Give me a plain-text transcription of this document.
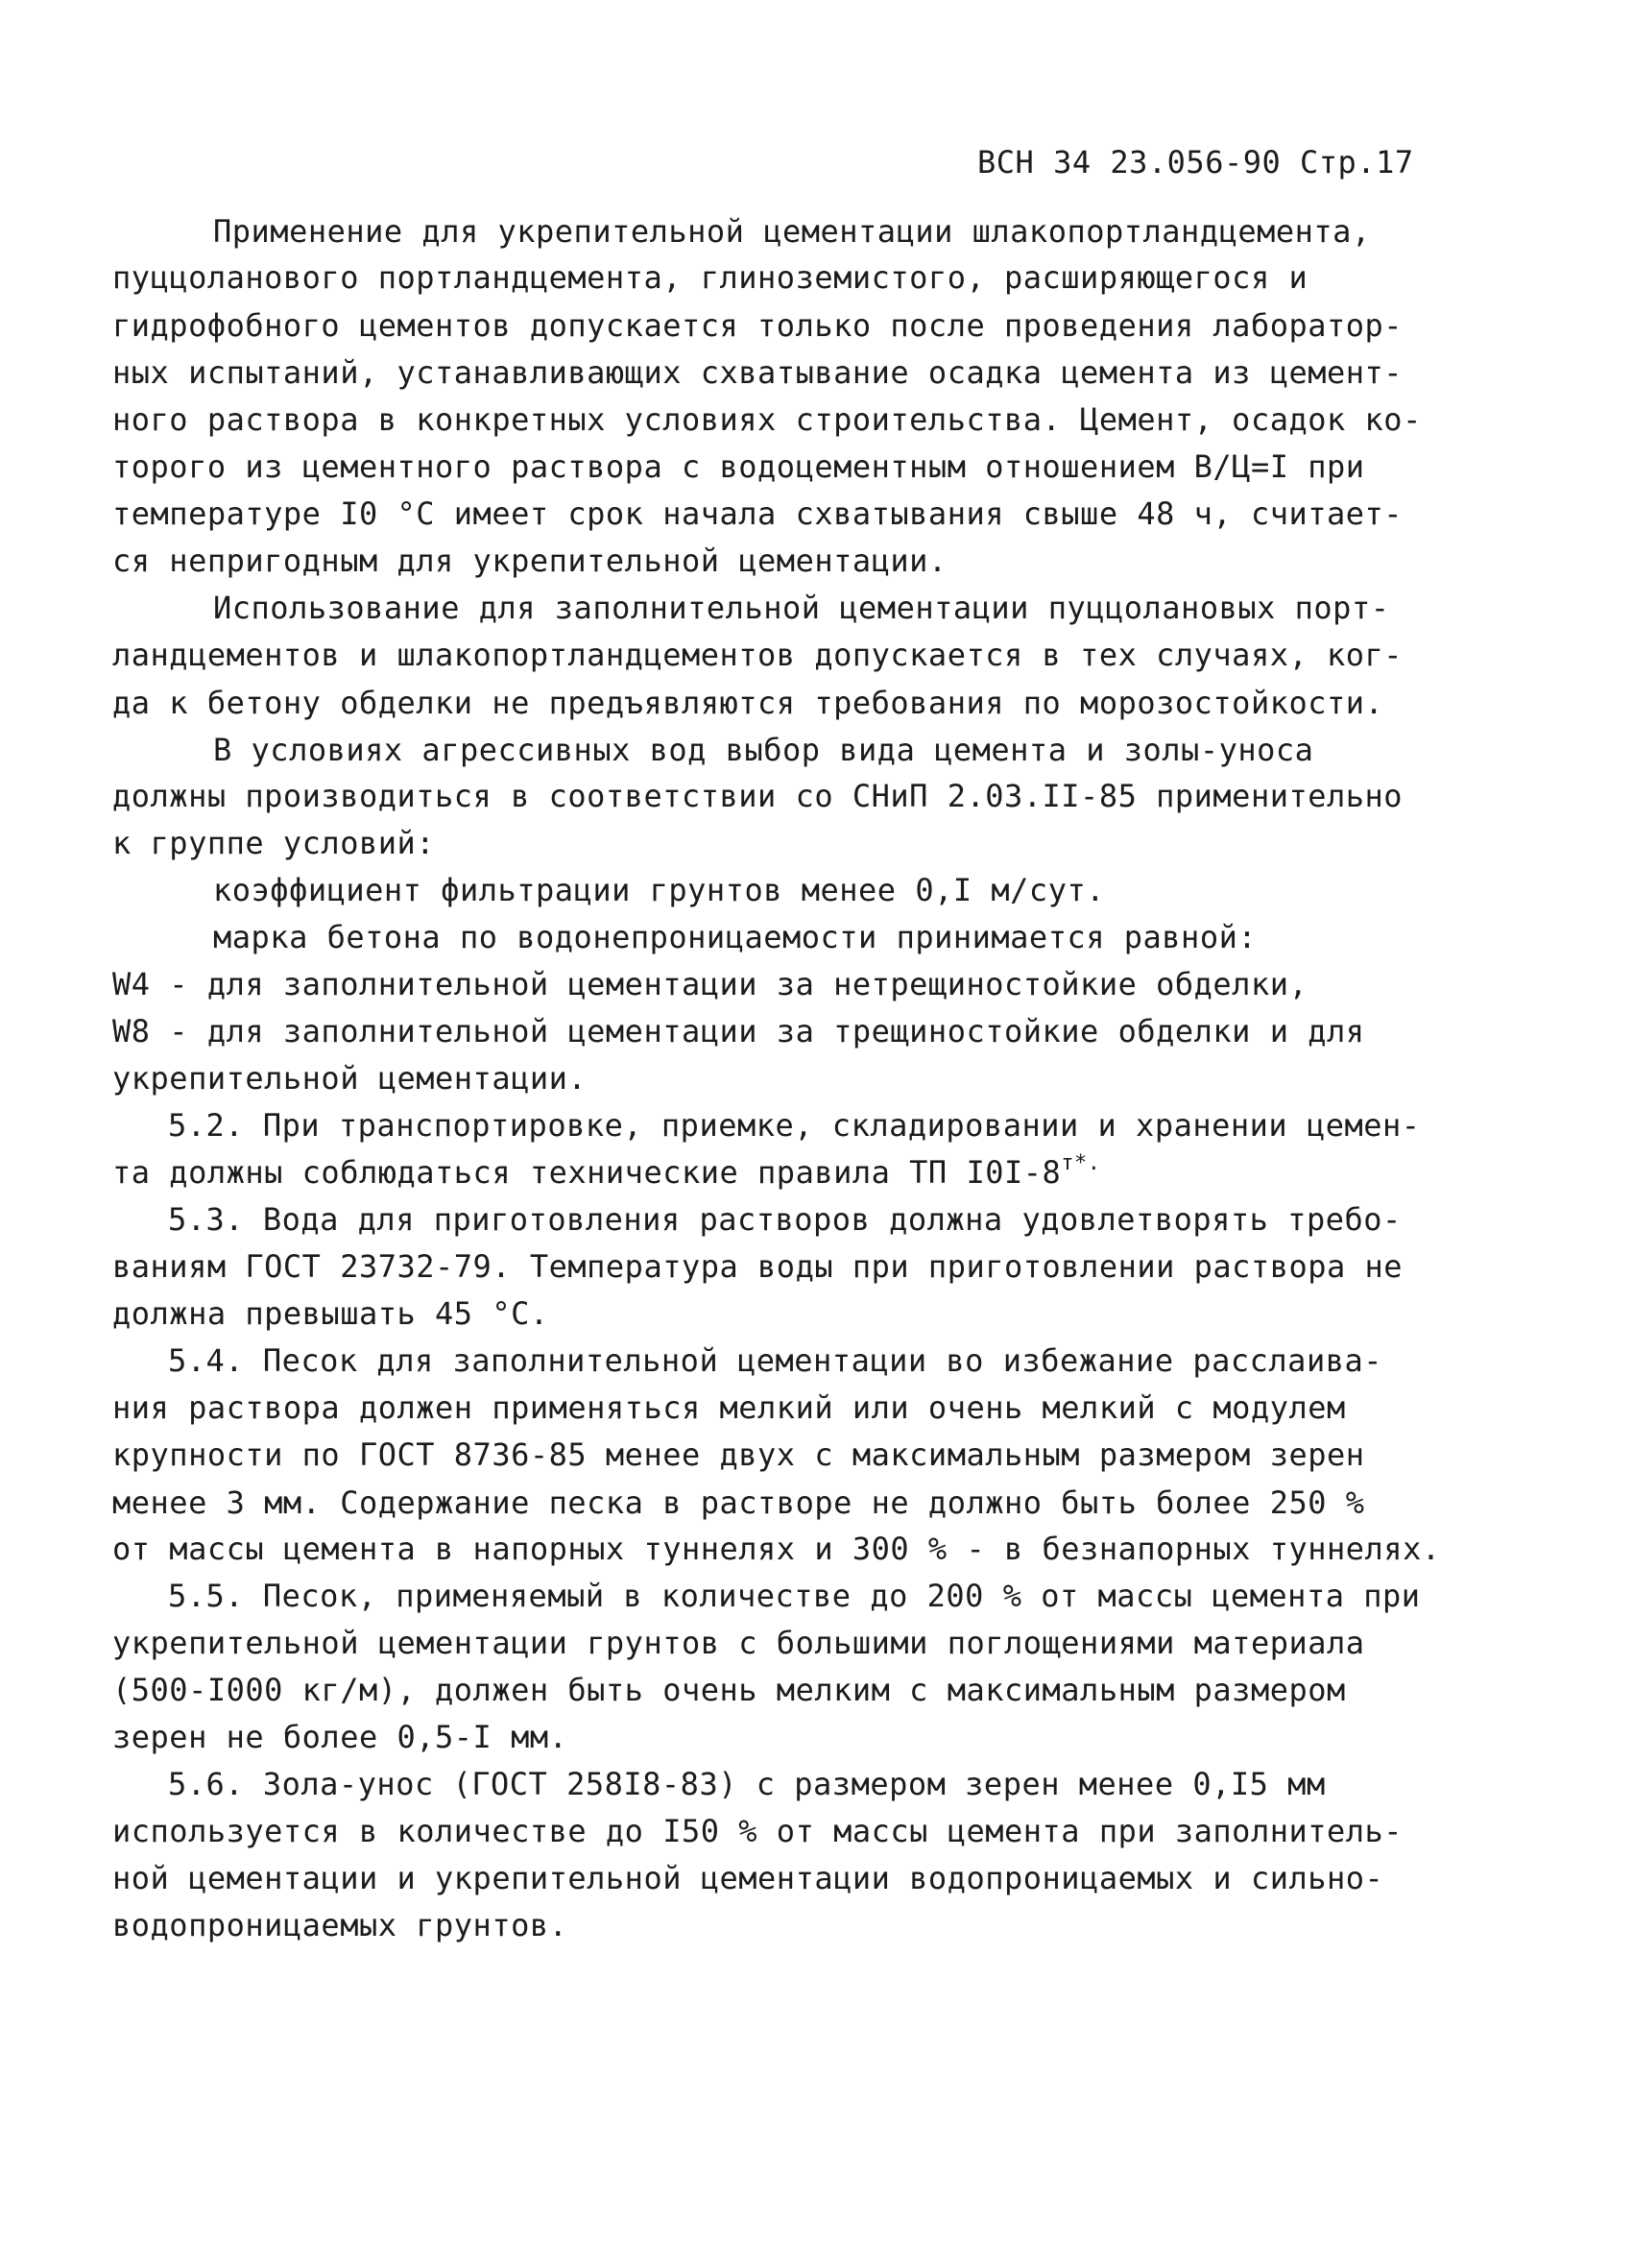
ВСН 34 23.056-90 Стр.17
Применение для укрепительной цементации шлакопортландцемента,
пуццоланового портландцемента, глиноземистого, расширяющегося и
гидрофобного цементов допускается только после проведения лаборатор-
ных испытаний, устанавливающих схватывание осадка цемента из цемент-
ного раствора в конкретных условиях строительства. Цемент, осадок ко-
торого из цементного раствора с водоцементным отношением В/Ц=I при
температуре I0 °С имеет срок начала схватывания свыше 48 ч, считает-
ся непригодным для укрепительной цементации.
Использование для заполнительной цементации пуццолановых порт-
ландцементов и шлакопортландцементов допускается в тех случаях, ког-
да к бетону обделки не предъявляются требования по морозостойкости.
В условиях агрессивных вод выбор вида цемента и золы-уноса
должны производиться в соответствии со СНиП 2.03.II-85 применительно
к группе условий:
коэффициент фильтрации грунтов менее 0,I м/сут.
марка бетона по водонепроницаемости принимается равной:
W4 - для заполнительной цементации за нетрещиностойкие обделки,
W8 - для заполнительной цементации за трещиностойкие обделки и для
укрепительной цементации.
5.2. При транспортировке, приемке, складировании и хранении цемен-
та должны соблюдаться технические правила ТП $I0I-8^{т*.}$
5.3. Вода для приготовления растворов должна удовлетворять требо-
ваниям ГОСТ 23732-79. Температура воды при приготовлении раствора не
должна превышать 45 °С.
5.4. Песок для заполнительной цементации во избежание расслаива-
ния раствора должен применяться мелкий или очень мелкий с модулем
крупности по ГОСТ 8736-85 менее двух с максимальным размером зерен
менее 3 мм. Содержание песка в растворе не должно быть более 250 %
от массы цемента в напорных туннелях и 300 % - в безнапорных туннелях.
5.5. Песок, применяемый в количестве до 200 % от массы цемента при
укрепительной цементации грунтов с большими поглощениями материала
(500-I000 кг/м), должен быть очень мелким с максимальным размером
зерен не более 0,5-I мм.
5.6. Зола-унос (ГОСТ 258I8-83) с размером зерен менее 0,I5 мм
используется в количестве до I50 % от массы цемента при заполнитель-
ной цементации и укрепительной цементации водопроницаемых и сильно-
водопроницаемых грунтов.
